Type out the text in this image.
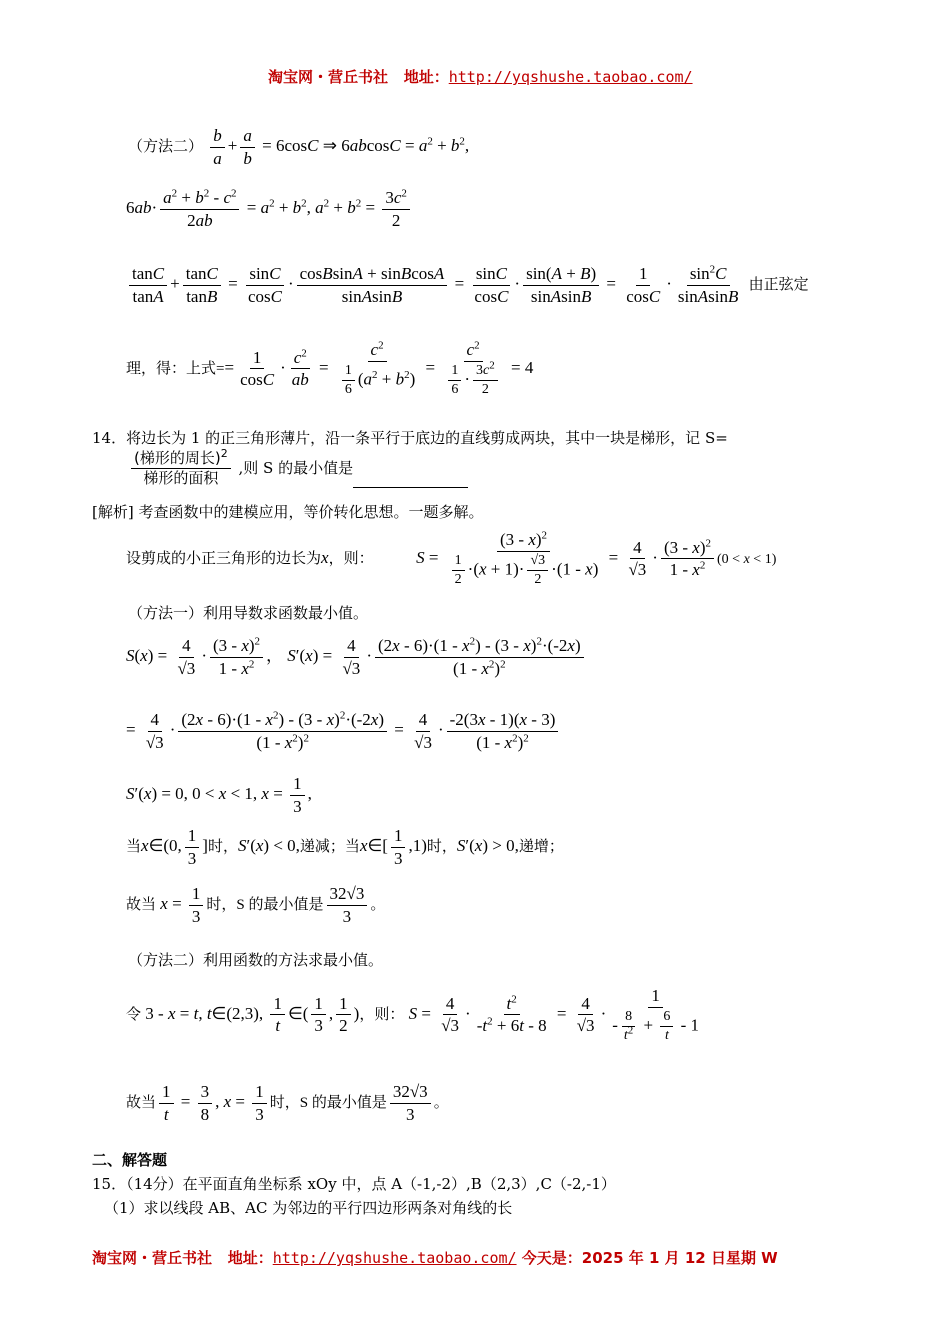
淘宝网・营丘书社 地址：http://yqshushe.taobao.com/
（方法二） $\frac{b}{a} + \frac{a}{b} = 6\cos C$ ⇒ $6abcosC = a^2 + b^2$,
$6ab\cdot \frac{a^2 + b^2 - c^2}{2ab} = a^2 + b^2$, $a^2 + b^2 = \frac{3c^2}{2}$
$\frac{\tan C}{\tan A} + \frac{\tan C}{\tan B} = \frac{\sin C}{\cos C} \cdot \frac{\text{cosBsinA + sinBcosA}}{\text{sinAsinB}} = \frac{\sin C}{\cos C} \cdot \frac{\sin(A + B)}{\text{sinAsinB}} = \frac{1}{\cos C} \cdot \frac{\sin^2C}{\text{sinAsinB}}$ 由正弦定
理，得：上式== $\frac{1}{\cos C} \cdot \frac{c^2}{ab} = \frac{c^2}{\frac{1}{6} (a^2 + b^2)} = \frac{c^2}{\frac{1}{6} \cdot \frac{3c^2}{2}} = 4$
14．将边长为 1 的正三角形薄片，沿一条平行于底边的直线剪成两块，其中一块是梯形，记 S=
$\frac{(梯形的周长)^2}{\text{梯形的面积}}$ ,则 S 的最小值是
[解析] 考查函数中的建模应用，等价转化思想。一题多解。
设剪成的小正三角形的边长为x，则：	$S = \frac{(3 - x)^2}{\frac{1}{2} \cdot(x + 1)\cdot \frac{√3}{2} \cdot(1 - x)} = \frac{4}{√3} \cdot \frac{(3 - x)^2}{1 - x^2} (0 < x < 1)$
（方法一）利用导数求函数最小值。
$S(x) = \frac{4}{√3} \cdot \frac{(3 - x)^2}{1 - x^2}$ ， $S'(x) = \frac{4}{√3} \cdot \frac{(2x - 6)\cdot(1 - x^2) - (3 - x)^2\cdot(-2x)}{(1 - x^2)^2}$
= $\frac{4}{√3} \cdot \frac{(2x - 6)\cdot(1 - x^2) - (3 - x)^2\cdot(-2x)}{(1 - x^2)^2} = \frac{4}{√3} \cdot \frac{-2(3x - 1)(x - 3)}{(1 - x^2)^2}$
S′(x) = 0, 0 < x < 1, $x = \frac{1}{3}$ ,
当x∈(0, $\frac{1}{3}$ ]时，S′(x) < 0,递减；当x∈[ $\frac{1}{3} ,1$)时，S′(x) > 0,递增；
故当 $x = \frac{1}{3}$ 时，S 的最小值是 $\frac{32√3}{3}$ 。
（方法二）利用函数的方法求最小值。
令 3 - x = t, t∈(2,3), $\frac{1}{t}$ ∈( $\frac{1}{3}$ , $\frac{1}{2}$ )，则： $S = \frac{4}{√3} \cdot \frac{t^2}{-t^2 + 6t - 8} = \frac{4}{√3} \cdot \frac{1}{- \frac{8}{t^2} + \frac{6}{t} - 1}$
故当 $\frac{1}{t} = \frac{3}{8}$ , $x = \frac{1}{3}$ 时，S 的最小值是 $\frac{32√3}{3}$ 。
二、解答题
15．（14分）在平面直角坐标系 xOy 中，点 A（-1,-2）,B（2,3）,C（-2,-1）
（1）求以线段 AB、AC 为邻边的平行四边形两条对角线的长
淘宝网・营丘书社 地址：http://yqshushe.taobao.com/ 今天是：2025 年 1 月 12 日星期 W
